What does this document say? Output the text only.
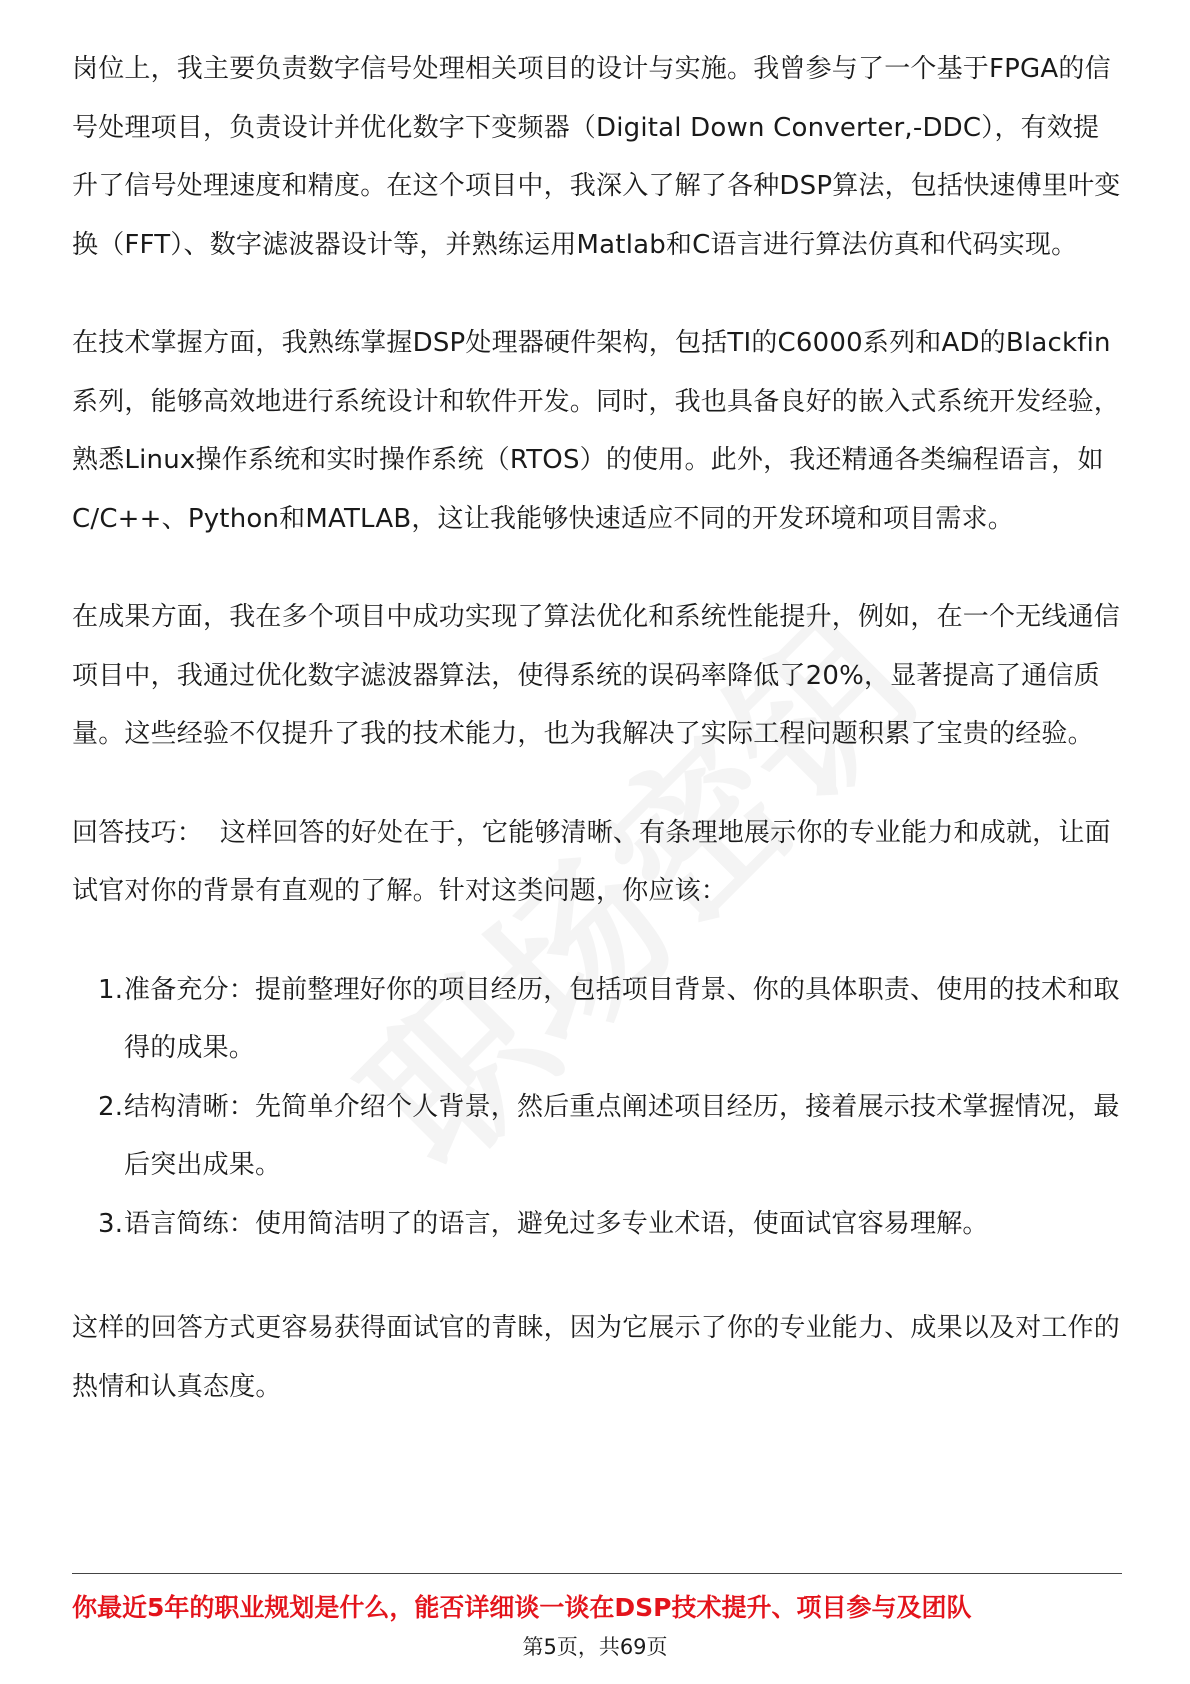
岗位上，我主要负责数字信号处理相关项目的设计与实施。我曾参与了一个基于FPGA的信号处理项目，负责设计并优化数字下变频器（Digital Down Converter,-DDC），有效提升了信号处理速度和精度。在这个项目中，我深入了解了各种DSP算法，包括快速傅里叶变换（FFT）、数字滤波器设计等，并熟练运用Matlab和C语言进行算法仿真和代码实现。

在技术掌握方面，我熟练掌握DSP处理器硬件架构，包括TI的C6000系列和AD的Blackfin系列，能够高效地进行系统设计和软件开发。同时，我也具备良好的嵌入式系统开发经验，熟悉Linux操作系统和实时操作系统（RTOS）的使用。此外，我还精通各类编程语言，如C/C++、Python和MATLAB，这让我能够快速适应不同的开发环境和项目需求。

在成果方面，我在多个项目中成功实现了算法优化和系统性能提升，例如，在一个无线通信项目中，我通过优化数字滤波器算法，使得系统的误码率降低了20%，显著提高了通信质量。这些经验不仅提升了我的技术能力，也为我解决了实际工程问题积累了宝贵的经验。

回答技巧：  这样回答的好处在于，它能够清晰、有条理地展示你的专业能力和成就，让面试官对你的背景有直观的了解。针对这类问题，你应该：

1. 准备充分：提前整理好你的项目经历，包括项目背景、你的具体职责、使用的技术和取得的成果。
2. 结构清晰：先简单介绍个人背景，然后重点阐述项目经历，接着展示技术掌握情况，最后突出成果。
3. 语言简练：使用简洁明了的语言，避免过多专业术语，使面试官容易理解。

这样的回答方式更容易获得面试官的青睐，因为它展示了你的专业能力、成果以及对工作的热情和认真态度。

你最近5年的职业规划是什么，能否详细谈一谈在DSP技术提升、项目参与及团队

第5页，共69页
